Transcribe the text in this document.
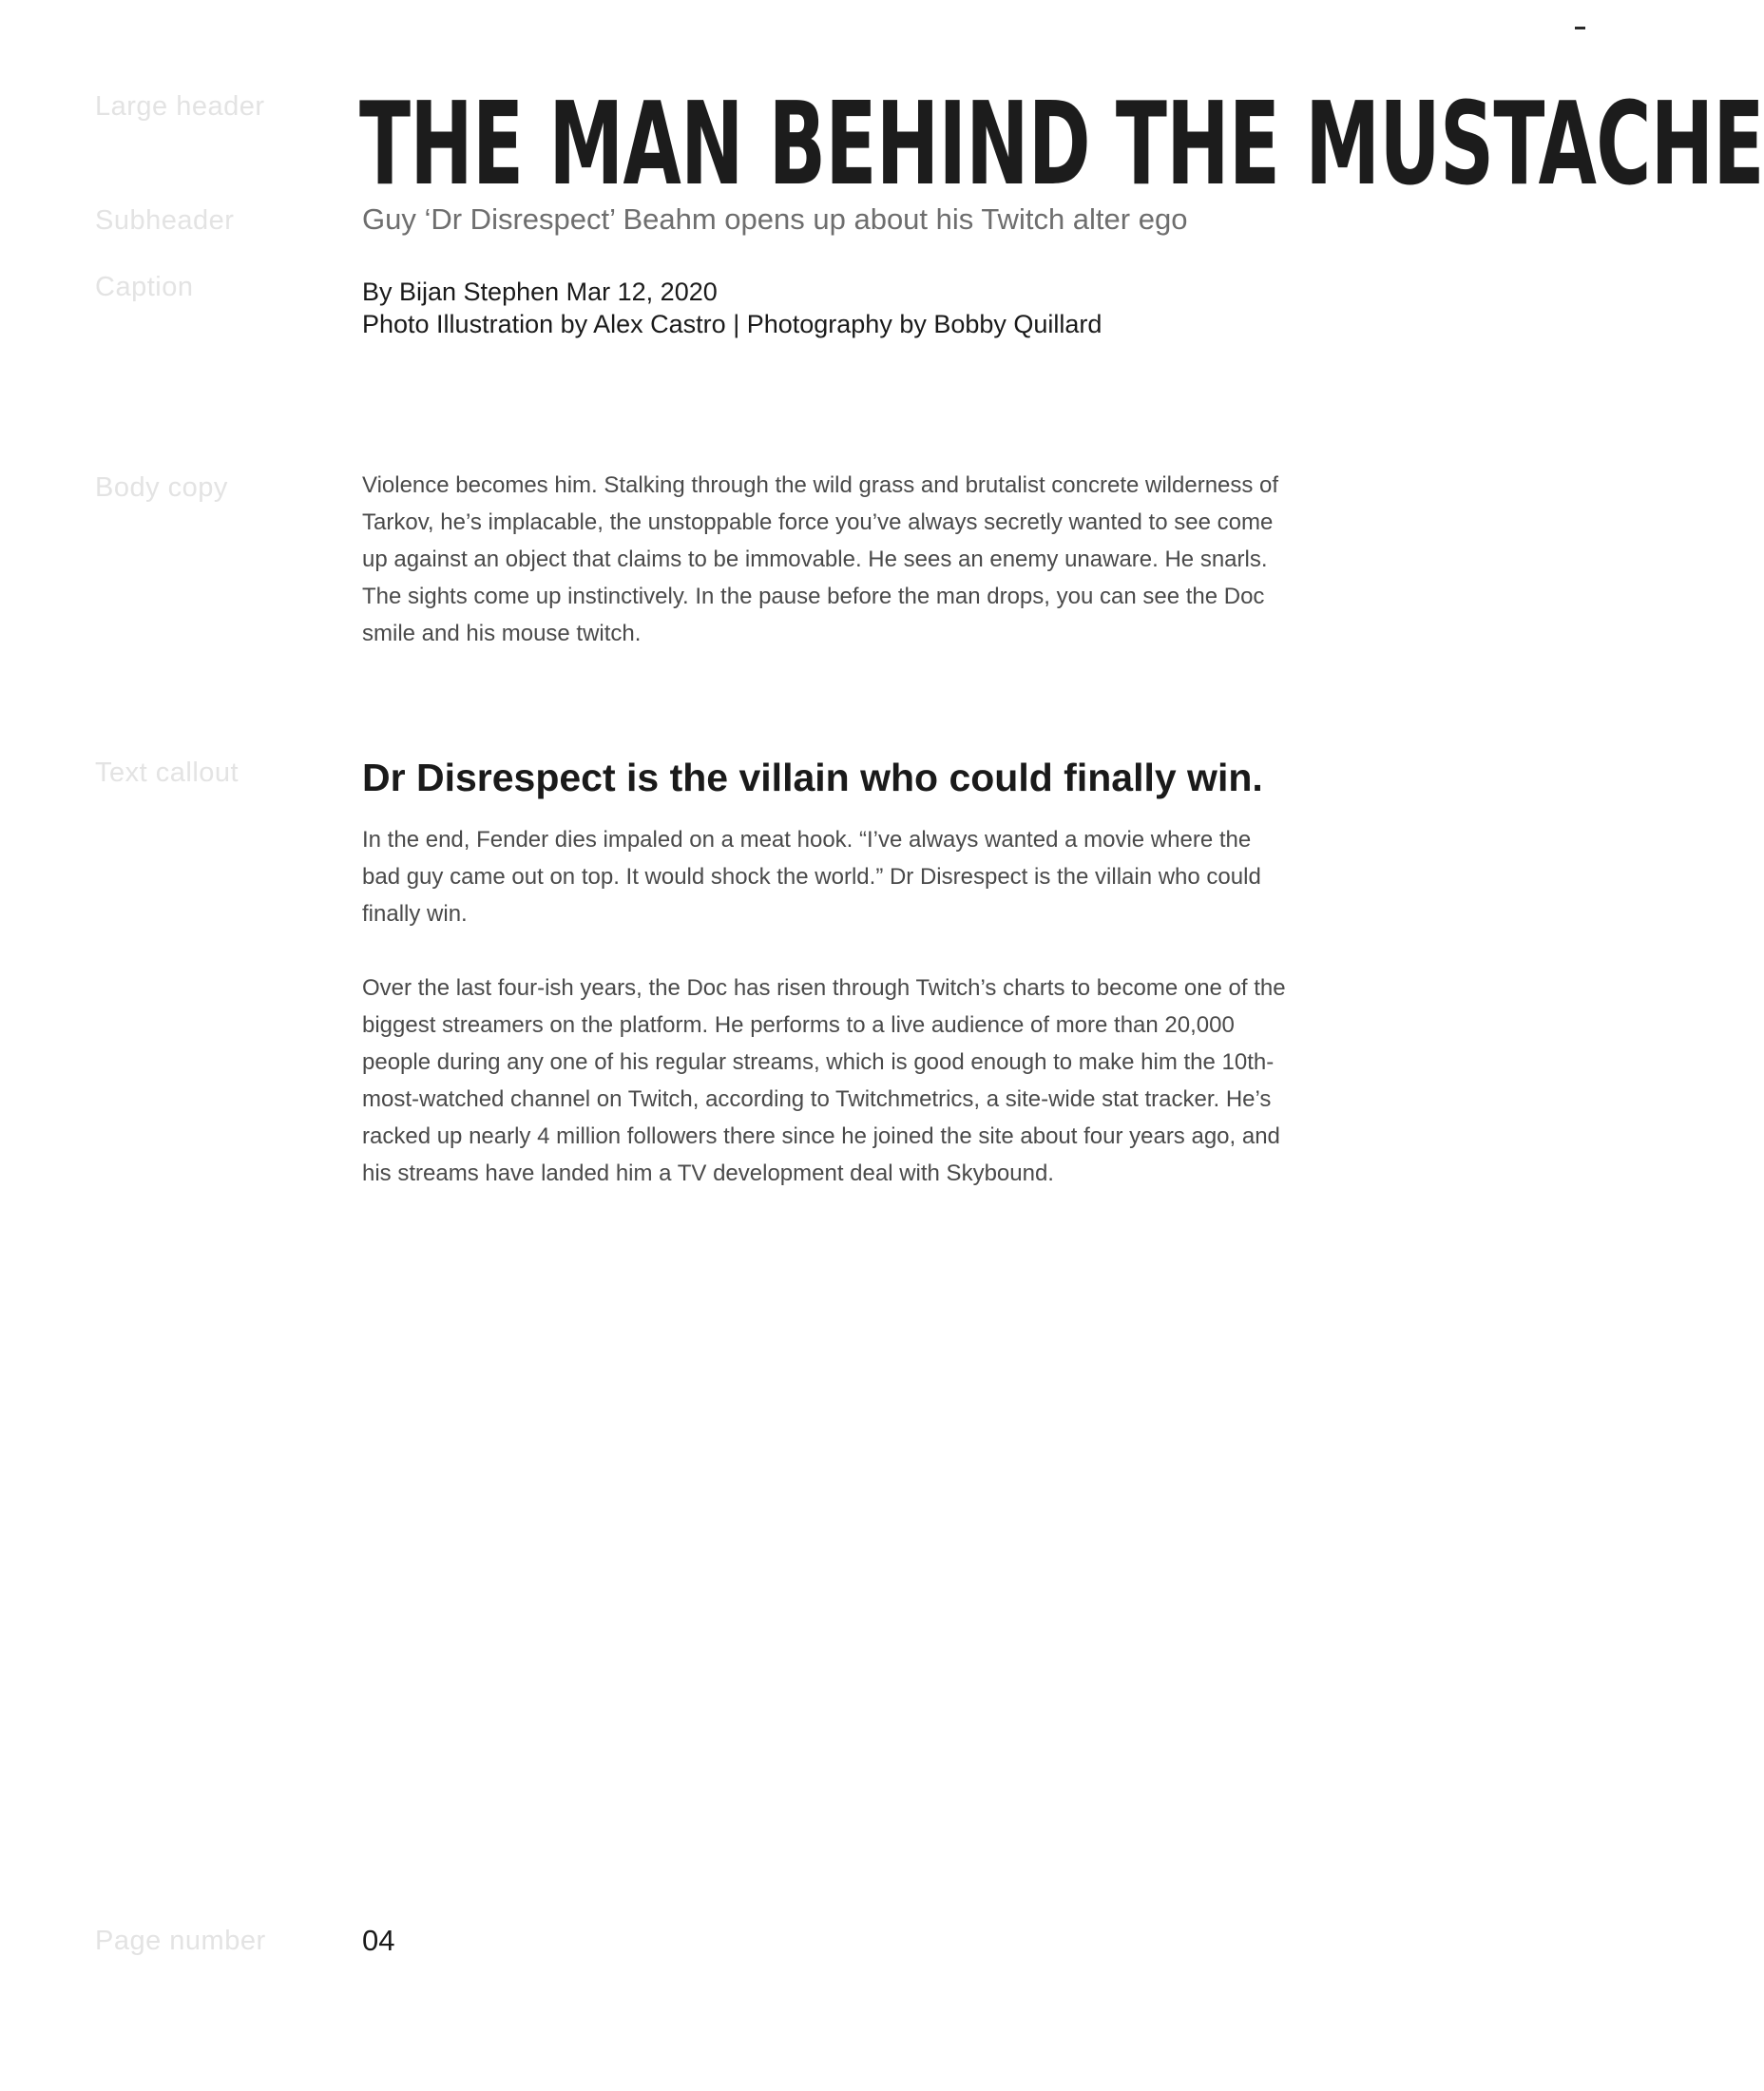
Large header
Subheader
Caption
Body copy
Text callout
Page number
THE MAN BEHIND THE MUSTACHE
Guy ‘Dr Disrespect’ Beahm opens up about his Twitch alter ego
By Bijan Stephen Mar 12, 2020
Photo Illustration by Alex Castro | Photography by Bobby Quillard

Violence becomes him. Stalking through the wild grass and brutalist concrete wilderness of Tarkov, he’s implacable, the unstoppable force you’ve always secretly wanted to see come up against an object that claims to be immovable. He sees an enemy unaware. He snarls. The sights come up instinctively. In the pause before the man drops, you can see the Doc smile and his mouse twitch.

Dr Disrespect is the villain who could finally win.

In the end, Fender dies impaled on a meat hook. “I’ve always wanted a movie where the bad guy came out on top. It would shock the world.” Dr Disrespect is the villain who could finally win.

Over the last four-ish years, the Doc has risen through Twitch’s charts to become one of the biggest streamers on the platform. He performs to a live audience of more than 20,000 people during any one of his regular streams, which is good enough to make him the 10th-most-watched channel on Twitch, according to Twitchmetrics, a site-wide stat tracker. He’s racked up nearly 4 million followers there since he joined the site about four years ago, and his streams have landed him a TV development deal with Skybound.

04
